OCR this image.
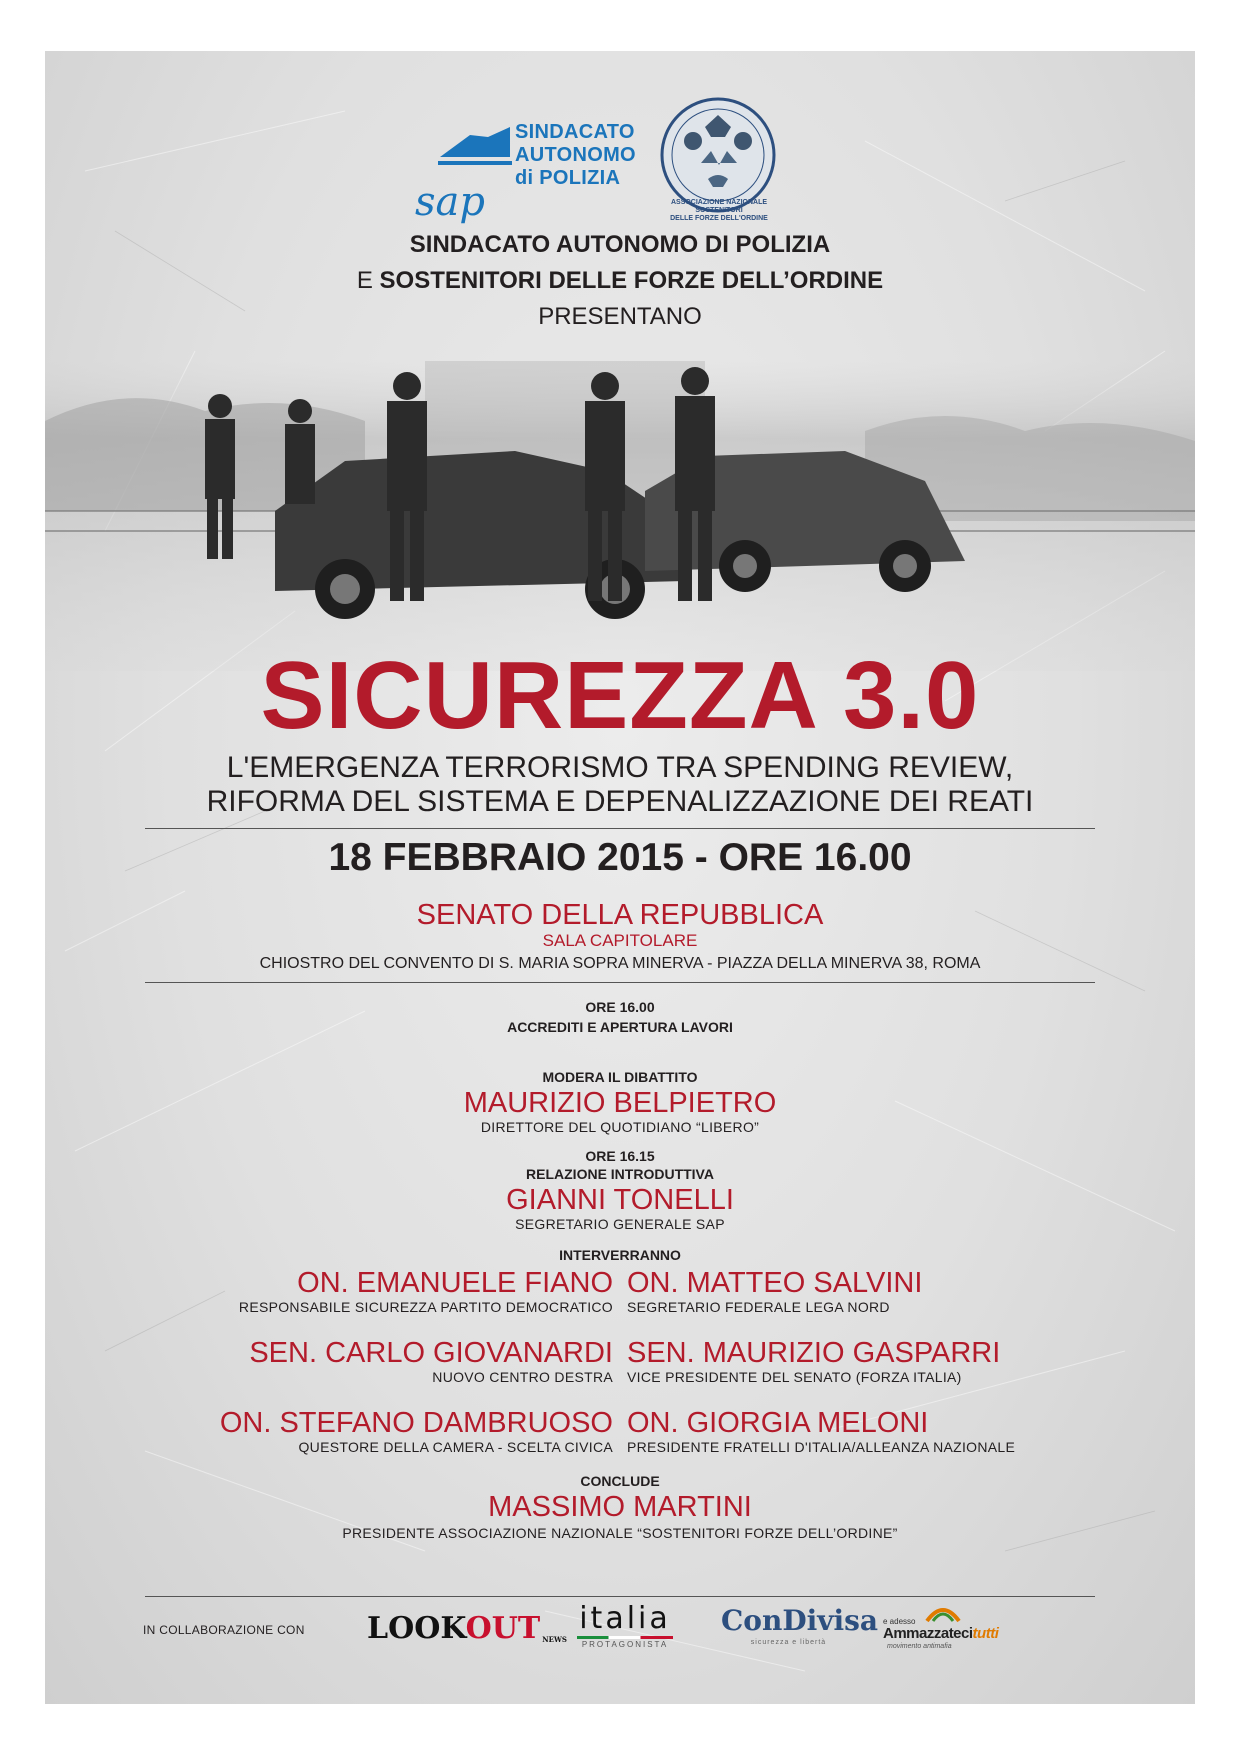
sap
SINDACATO
AUTONOMO
di POLIZIA
ASSOCIAZIONE NAZIONALE
SOSTENITORI
DELLE FORZE DELL'ORDINE
SINDACATO AUTONOMO DI POLIZIA
E SOSTENITORI DELLE FORZE DELL’ORDINE
PRESENTANO
SICUREZZA 3.0
L'EMERGENZA TERRORISMO TRA SPENDING REVIEW,
RIFORMA DEL SISTEMA E DEPENALIZZAZIONE DEI REATI
18 FEBBRAIO 2015 - ORE 16.00
SENATO DELLA REPUBBLICA
SALA CAPITOLARE
CHIOSTRO DEL CONVENTO DI S. MARIA SOPRA MINERVA - PIAZZA DELLA MINERVA 38, ROMA
ORE 16.00
ACCREDITI E APERTURA LAVORI
MODERA IL DIBATTITO
MAURIZIO BELPIETRO
DIRETTORE DEL QUOTIDIANO “LIBERO”
ORE 16.15
RELAZIONE INTRODUTTIVA
GIANNI TONELLI
SEGRETARIO GENERALE SAP
INTERVERRANNO
ON. EMANUELE FIANO
RESPONSABILE SICUREZZA PARTITO DEMOCRATICO
SEN. CARLO GIOVANARDI
NUOVO CENTRO DESTRA
ON. STEFANO DAMBRUOSO
QUESTORE DELLA CAMERA - SCELTA CIVICA
ON. MATTEO SALVINI
SEGRETARIO FEDERALE LEGA NORD
SEN. MAURIZIO GASPARRI
VICE PRESIDENTE DEL SENATO (FORZA ITALIA)
ON. GIORGIA MELONI
PRESIDENTE FRATELLI D'ITALIA/ALLEANZA NAZIONALE
CONCLUDE
MASSIMO MARTINI
PRESIDENTE ASSOCIAZIONE NAZIONALE “SOSTENITORI FORZE DELL’ORDINE”
IN COLLABORAZIONE CON LOOKOUT NEWS
italia
PROTAGONISTA
ConDivisa
sicurezza e libertà
e adesso
Ammazzatecitutti
movimento antimafia
